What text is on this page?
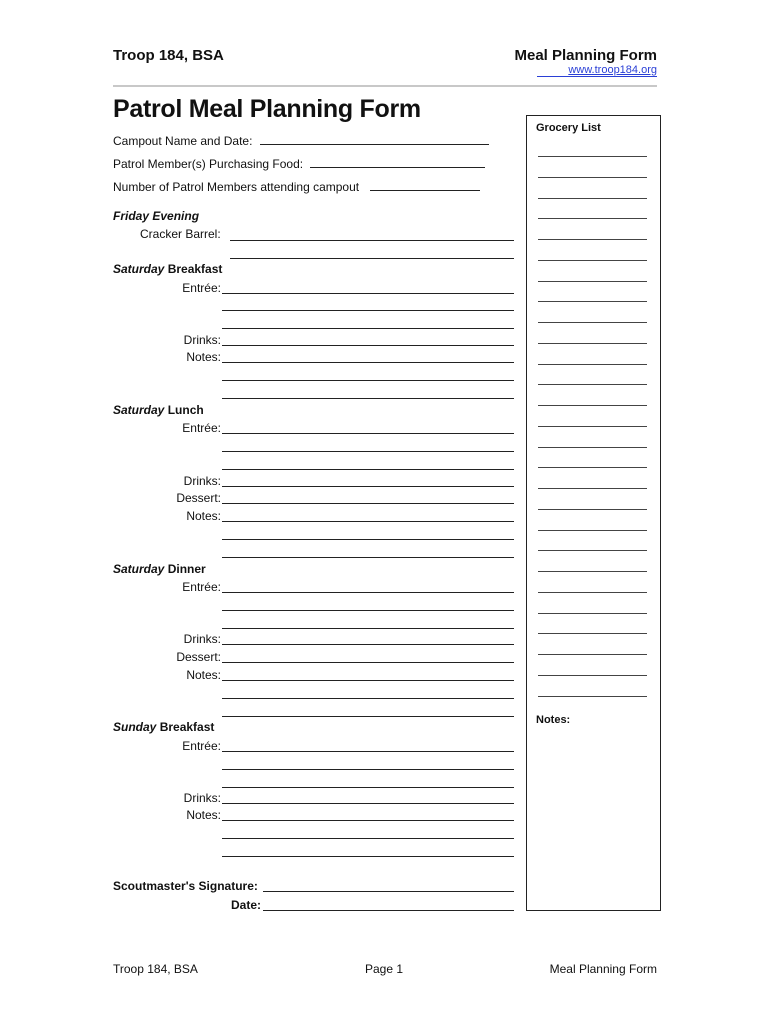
Troop 184, BSA	Meal Planning Form
www.troop184.org
Patrol Meal Planning Form
Campout Name and Date:
Patrol Member(s) Purchasing Food:
Number of Patrol Members attending campout
Friday Evening
Cracker Barrel:
Saturday Breakfast
Entrée:
Drinks:
Notes:
Saturday Lunch
Entrée:
Drinks:
Dessert:
Notes:
Saturday Dinner
Entrée:
Drinks:
Dessert:
Notes:
Sunday Breakfast
Entrée:
Drinks:
Notes:
Scoutmaster's Signature:
Date:
Grocery List
Notes:
Troop 184, BSA	Page 1	Meal Planning Form
